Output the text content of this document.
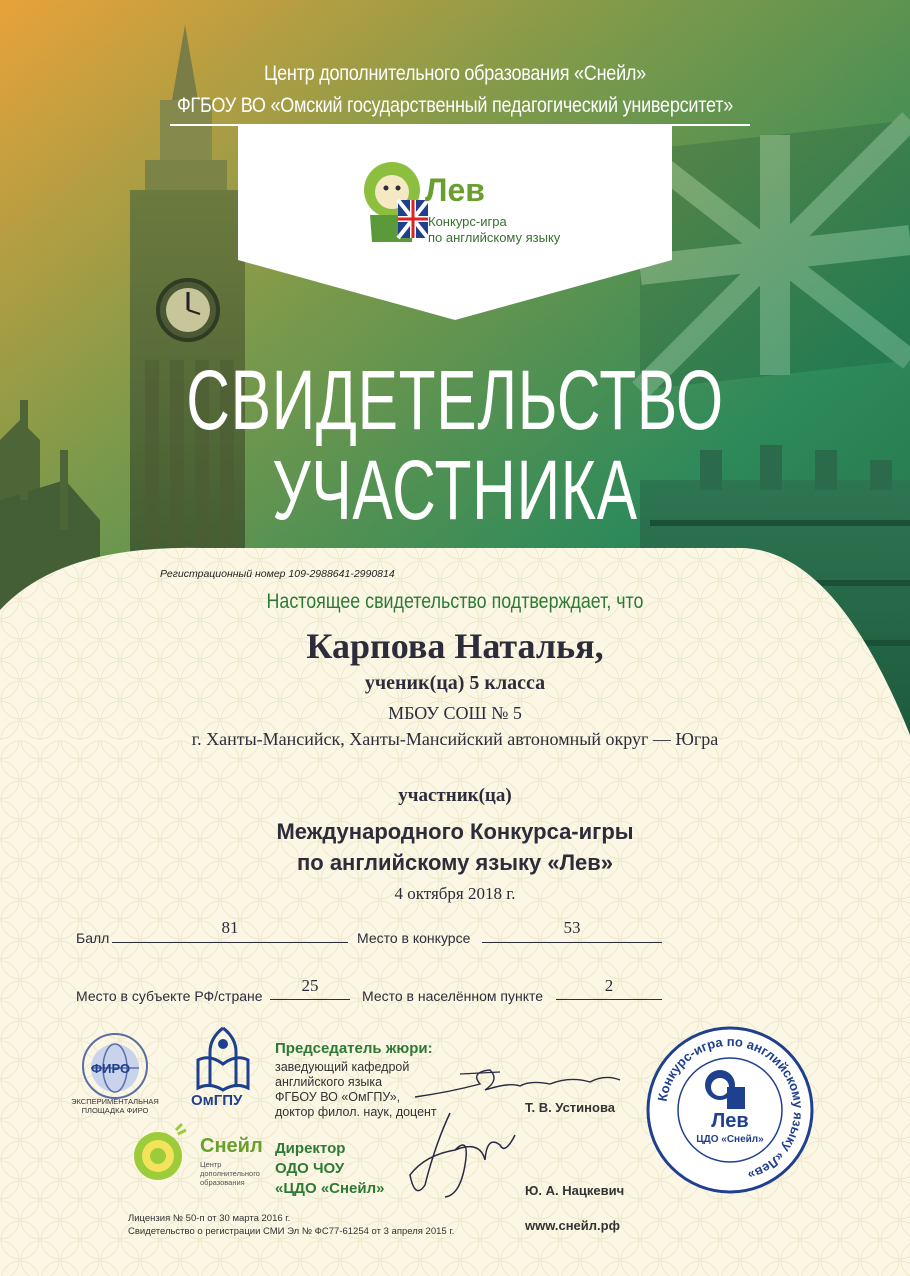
Центр дополнительного образования «Снейл»
ФГБОУ ВО «Омский государственный педагогический университет»
Лев
Конкурс-игра
по английскому языку
СВИДЕТЕЛЬСТВО
УЧАСТНИКА
Регистрационный номер 109-2988641-2990814
Настоящее свидетельство подтверждает, что
Карпова Наталья,
ученик(ца) 5 класса
МБОУ СОШ № 5
г. Ханты-Мансийск, Ханты-Мансийский автономный округ — Югра
участник(ца)
Международного Конкурса-игры
по английскому языку «Лев»
4 октября 2018 г.
Балл
81
Место в конкурсе
53
Место в субъекте РФ/стране
25
Место в населённом пункте
2
ФИРО
ЭКСПЕРИМЕНТАЛЬНАЯ
ПЛОЩАДКА ФИРО
ОмГПУ
Снейл
Центр
дополнительного
образования
Председатель жюри:
заведующий кафедрой
английского языка
ФГБОУ ВО «ОмГПУ»,
доктор филол. наук, доцент	Т. В. Устинова
Директор
ОДО ЧОУ
«ЦДО «Снейл»	Ю. А. Нацкевич
Конкурс-игра по английскому языку «Лев»
Лев
ЦДО «Снейл»
Лицензия № 50-п от 30 марта 2016 г.
Свидетельство о регистрации СМИ Эл № ФС77-61254 от 3 апреля 2015 г.	www.снейл.рф
